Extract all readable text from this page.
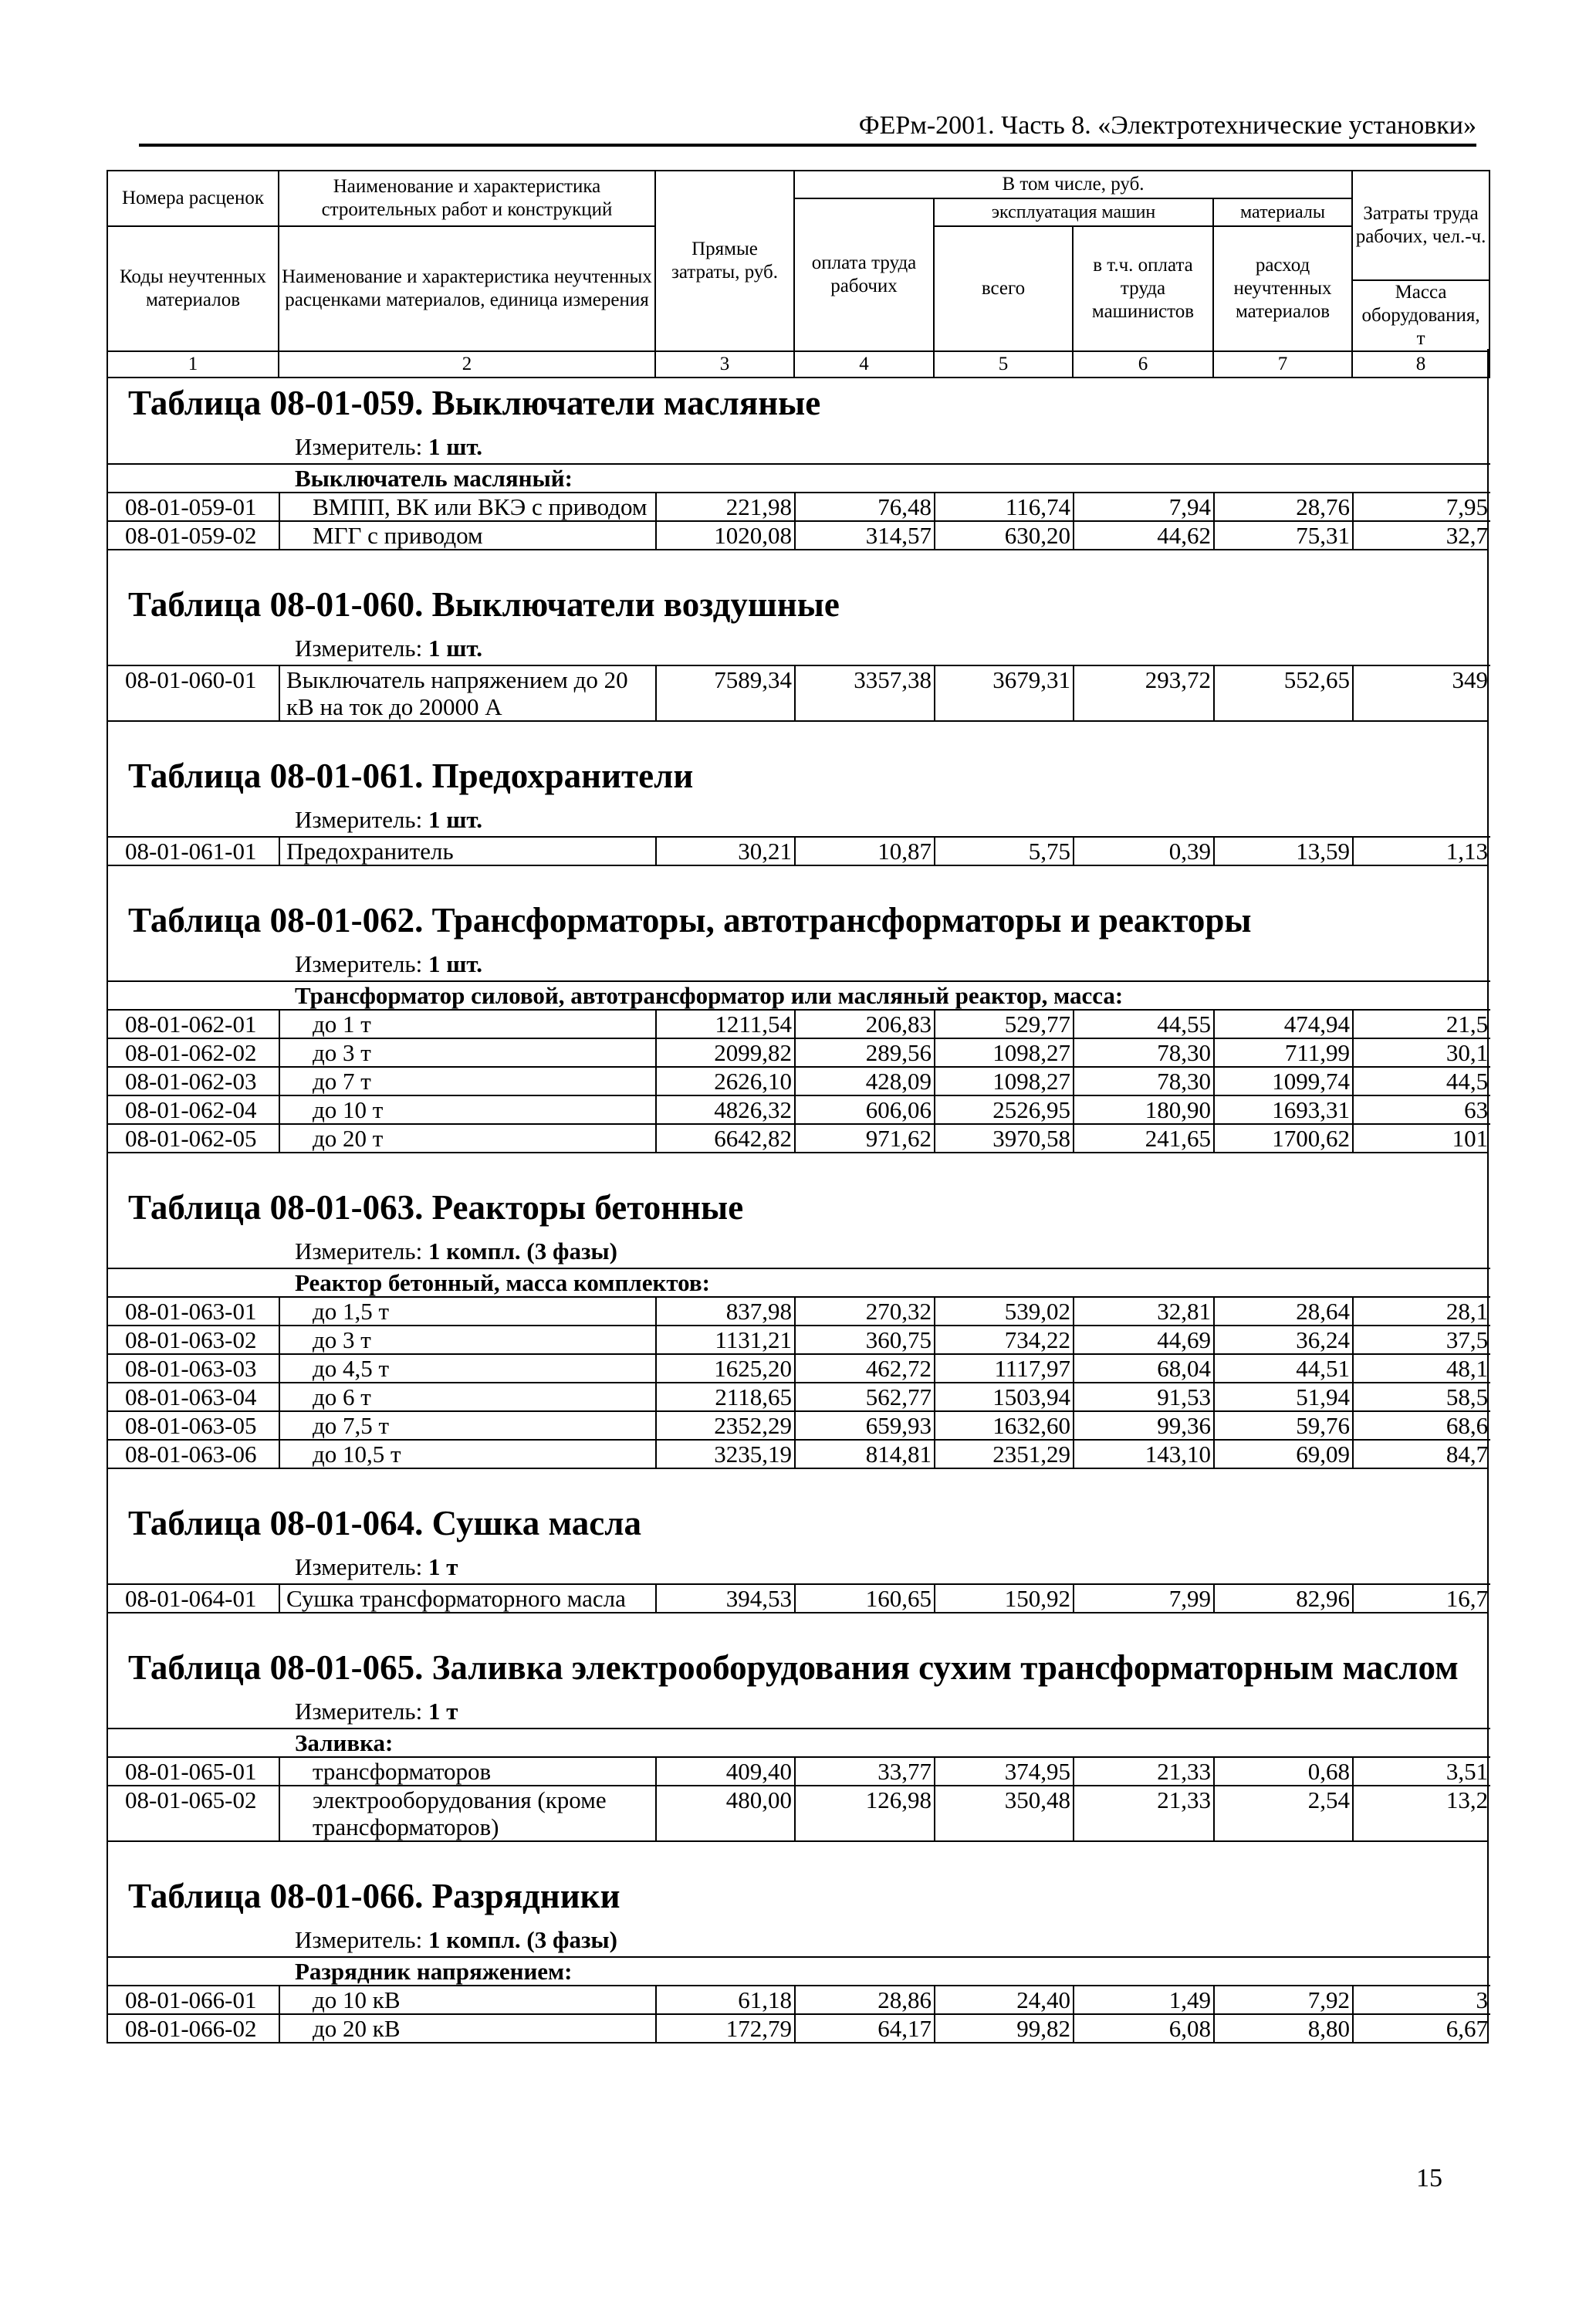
ФЕРм-2001. Часть 8. «Электротехнические установки»
Номера расценок	Наименование и характеристика строительных работ и конструкций	Прямые затраты, руб.	В том числе, руб.				Затраты труда рабочих, чел.-ч.
			оплата труда рабочих	эксплуатация машин		материалы	
Коды неучтенных материалов	Наименование и характеристика неучтенных расценками материалов, единица измерения			всего	в т.ч. оплата труда машинистов	расход неучтенных материалов	
							Масса оборудования, т
1	2	3	4	5	6	7	8
Таблица 08-01-059. Выключатели масляные
Измеритель: 1 шт.
Выключатель масляный:							
08-01-059-01	ВМПП, ВК или ВКЭ с приводом	221,98	76,48	116,74	7,94	28,76	7,95
08-01-059-02	МГГ с приводом	1020,08	314,57	630,20	44,62	75,31	32,7
Таблица 08-01-060. Выключатели воздушные
Измеритель: 1 шт.
08-01-060-01	Выключатель напряжением до 20 кВ на ток до 20000 А	7589,34	3357,38	3679,31	293,72	552,65	349
Таблица 08-01-061. Предохранители
Измеритель: 1 шт.
08-01-061-01	Предохранитель	30,21	10,87	5,75	0,39	13,59	1,13
Таблица 08-01-062. Трансформаторы, автотрансформаторы и реакторы
Измеритель: 1 шт.
Трансформатор силовой, автотрансформатор или масляный реактор, масса:							
08-01-062-01	до 1 т	1211,54	206,83	529,77	44,55	474,94	21,5
08-01-062-02	до 3 т	2099,82	289,56	1098,27	78,30	711,99	30,1
08-01-062-03	до 7 т	2626,10	428,09	1098,27	78,30	1099,74	44,5
08-01-062-04	до 10 т	4826,32	606,06	2526,95	180,90	1693,31	63
08-01-062-05	до 20 т	6642,82	971,62	3970,58	241,65	1700,62	101
Таблица 08-01-063. Реакторы бетонные
Измеритель: 1 компл. (3 фазы)
Реактор бетонный, масса комплектов:							
08-01-063-01	до 1,5 т	837,98	270,32	539,02	32,81	28,64	28,1
08-01-063-02	до 3 т	1131,21	360,75	734,22	44,69	36,24	37,5
08-01-063-03	до 4,5 т	1625,20	462,72	1117,97	68,04	44,51	48,1
08-01-063-04	до 6 т	2118,65	562,77	1503,94	91,53	51,94	58,5
08-01-063-05	до 7,5 т	2352,29	659,93	1632,60	99,36	59,76	68,6
08-01-063-06	до 10,5 т	3235,19	814,81	2351,29	143,10	69,09	84,7
Таблица 08-01-064. Сушка масла
Измеритель: 1 т
08-01-064-01	Сушка трансформаторного масла	394,53	160,65	150,92	7,99	82,96	16,7
Таблица 08-01-065. Заливка электрооборудования сухим трансформаторным маслом
Измеритель: 1 т
Заливка:							
08-01-065-01	трансформаторов	409,40	33,77	374,95	21,33	0,68	3,51
08-01-065-02	электрооборудования (кроме трансформаторов)	480,00	126,98	350,48	21,33	2,54	13,2
Таблица 08-01-066. Разрядники
Измеритель: 1 компл. (3 фазы)
Разрядник напряжением:							
08-01-066-01	до 10 кВ	61,18	28,86	24,40	1,49	7,92	3
08-01-066-02	до 20 кВ	172,79	64,17	99,82	6,08	8,80	6,67
15
